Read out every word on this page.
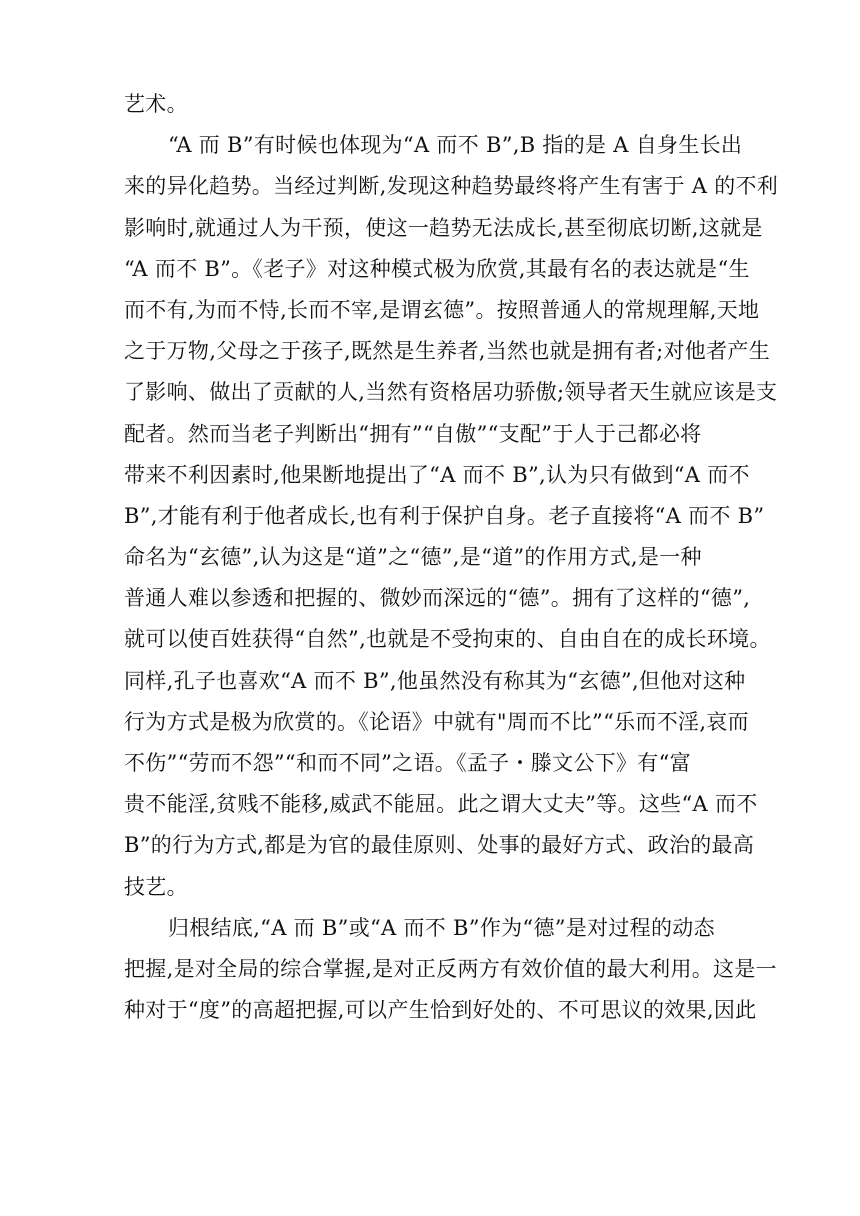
艺术。
“A 而 B”有时候也体现为“A 而不 B”,B 指的是 A 自身生长出
来的异化趋势。当经过判断,发现这种趋势最终将产生有害于 A 的不利
影响时,就通过人为干预，使这一趋势无法成长,甚至彻底切断,这就是
“A 而不 B”。《老子》对这种模式极为欣赏,其最有名的表达就是“生
而不有,为而不恃,长而不宰,是谓玄德”。按照普通人的常规理解,天地
之于万物,父母之于孩子,既然是生养者,当然也就是拥有者;对他者产生
了影响、做出了贡献的人,当然有资格居功骄傲;领导者天生就应该是支
配者。然而当老子判断出“拥有”“自傲”“支配”于人于己都必将
带来不利因素时,他果断地提出了“A 而不 B”,认为只有做到“A 而不
B”,才能有利于他者成长,也有利于保护自身。老子直接将“A 而不 B”
命名为“玄德”,认为这是“道”之“德”,是“道”的作用方式,是一种
普通人难以参透和把握的、微妙而深远的“德”。拥有了这样的“德”,
就可以使百姓获得“自然”,也就是不受拘束的、自由自在的成长环境。
同样,孔子也喜欢“A 而不 B”,他虽然没有称其为“玄德”,但他对这种
行为方式是极为欣赏的。《论语》中就有"周而不比”“乐而不淫,哀而
不伤”“劳而不怨”“和而不同”之语。《孟子・滕文公下》有“富
贵不能淫,贫贱不能移,威武不能屈。此之谓大丈夫”等。这些“A 而不
B”的行为方式,都是为官的最佳原则、处事的最好方式、政治的最高
技艺。
归根结底,“A 而 B”或“A 而不 B”作为“德”是对过程的动态
把握,是对全局的综合掌握,是对正反两方有效价值的最大利用。这是一
种对于“度”的高超把握,可以产生恰到好处的、不可思议的效果,因此
